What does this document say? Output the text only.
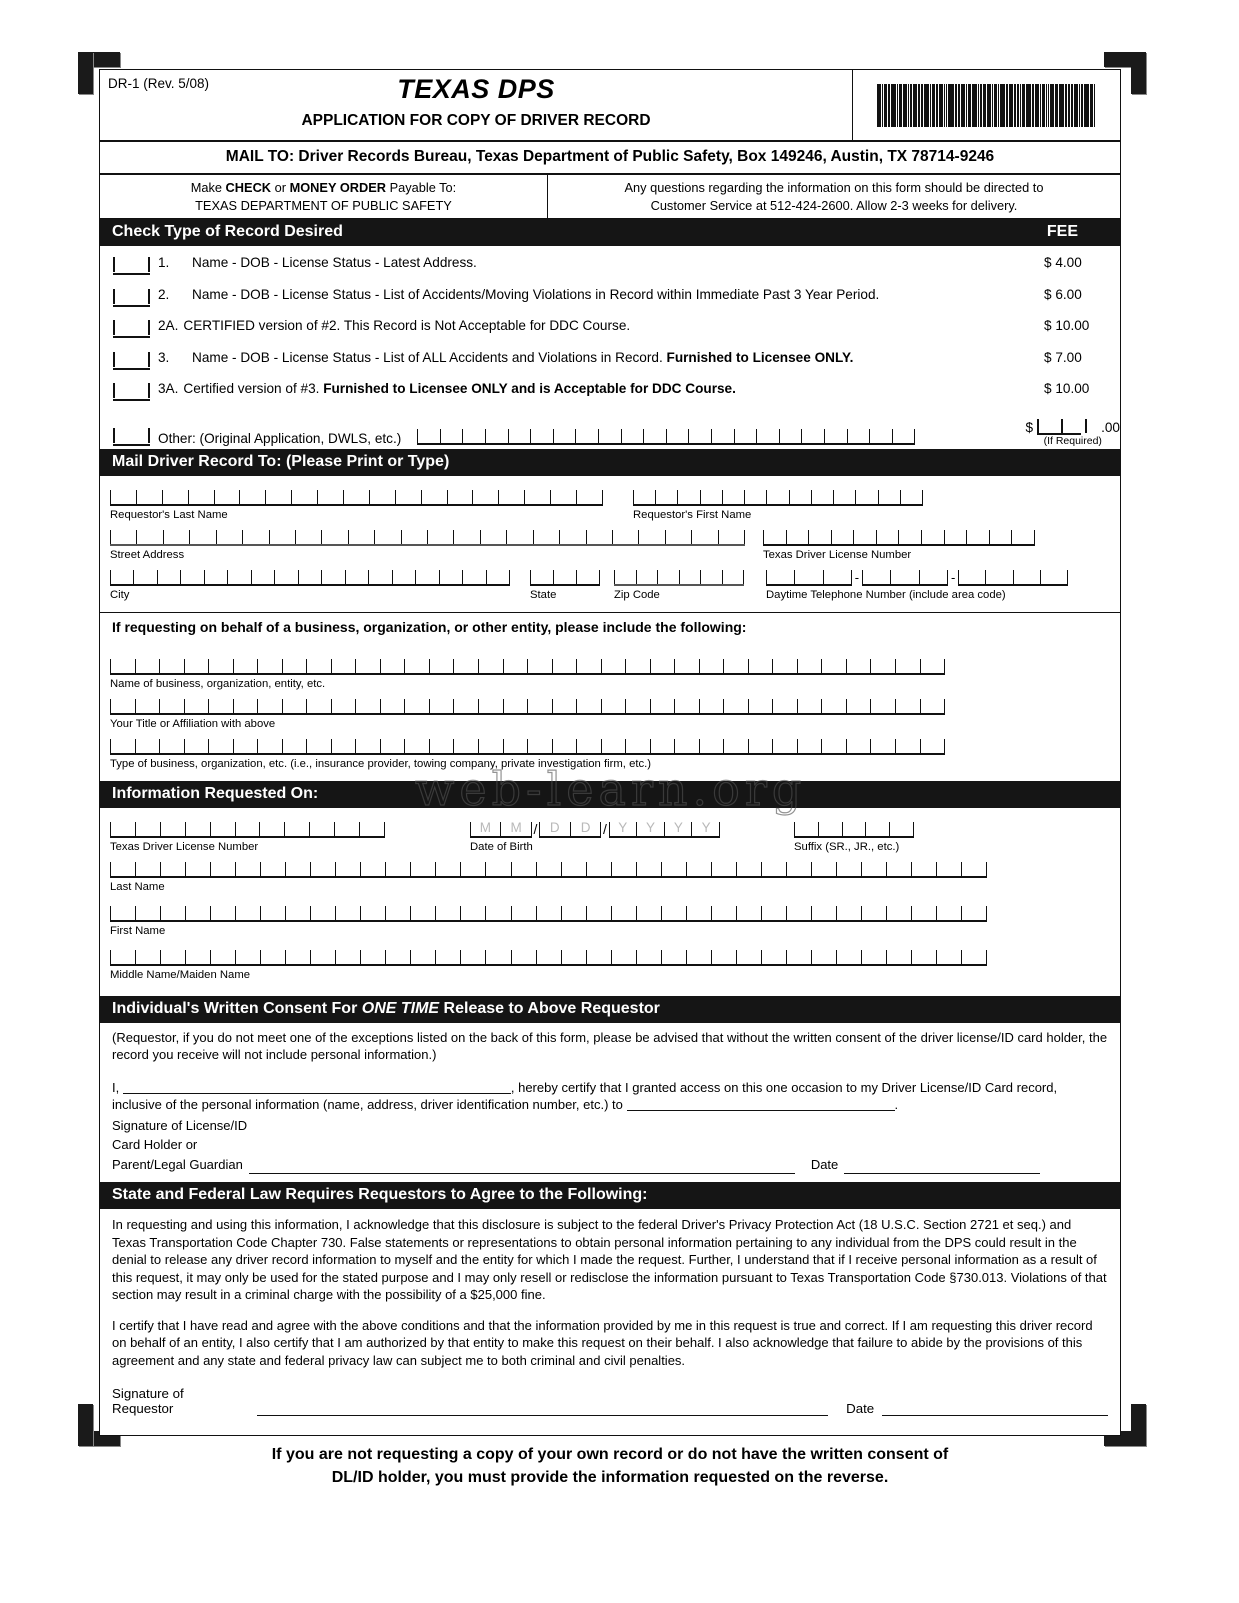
DR-1 (Rev. 5/08)	TEXAS DPS
APPLICATION FOR COPY OF DRIVER RECORD
MAIL TO: Driver Records Bureau, Texas Department of Public Safety, Box 149246, Austin, TX 78714-9246
Make CHECK or MONEY ORDER Payable To:
TEXAS DEPARTMENT OF PUBLIC SAFETY
Any questions regarding the information on this form should be directed to
Customer Service at 512-424-2600. Allow 2-3 weeks for delivery.
Check Type of Record Desired	FEE
1.	Name - DOB - License Status - Latest Address.	$ 4.00
2.	Name - DOB - License Status - List of Accidents/Moving Violations in Record within Immediate Past 3 Year Period.	$ 6.00
2A. CERTIFIED version of #2. This Record is Not Acceptable for DDC Course.	$ 10.00
3.	Name - DOB - License Status - List of ALL Accidents and Violations in Record. Furnished to Licensee ONLY.	$ 7.00
3A. Certified version of #3. Furnished to Licensee ONLY and is Acceptable for DDC Course.	$ 10.00
Other: (Original Application, DWLS, etc.)
$	.00
(If Required)
Mail Driver Record To: (Please Print or Type)
Requestor's Last Name	Requestor's First Name
Street Address	Texas Driver License Number
City	State	Zip Code
-	-
Daytime Telephone Number (include area code)
If requesting on behalf of a business, organization, or other entity, please include the following:
Name of business, organization, entity, etc.
Your Title or Affiliation with above
Type of business, organization, etc. (i.e., insurance provider, towing company, private investigation firm, etc.)
Information Requested On:
Texas Driver License Number
M	M / D	D / Y	Y	Y	Y
Date of Birth	Suffix (SR., JR., etc.)
Last Name
First Name
Middle Name/Maiden Name
Individual's Written Consent For ONE TIME Release to Above Requestor
(Requestor, if you do not meet one of the exceptions listed on the back of this form, please be advised that without the written consent of the driver license/ID card holder, the record you receive will not include personal information.)
I,	, hereby certify that I granted access on this one occasion to my Driver License/ID Card record, inclusive of the personal information (name, address, driver identification number, etc.) to	.
Signature of License/ID
Card Holder or
Parent/Legal Guardian	Date
State and Federal Law Requires Requestors to Agree to the Following:

In requesting and using this information, I acknowledge that this disclosure is subject to the federal Driver's Privacy Protection Act (18 U.S.C. Section 2721 et seq.) and Texas Transportation Code Chapter 730. False statements or representations to obtain personal information pertaining to any individual from the DPS could result in the denial to release any driver record information to myself and the entity for which I made the request. Further, I understand that if I receive personal information as a result of this request, it may only be used for the stated purpose and I may only resell or redisclose the information pursuant to Texas Transportation Code §730.013. Violations of that section may result in a criminal charge with the possibility of a $25,000 fine.

I certify that I have read and agree with the above conditions and that the information provided by me in this request is true and correct. If I am requesting this driver record on behalf of an entity, I also certify that I am authorized by that entity to make this request on their behalf. I also acknowledge that failure to abide by the provisions of this agreement and any state and federal privacy law can subject me to both criminal and civil penalties.

Signature of Requestor	Date
If you are not requesting a copy of your own record or do not have the written consent of
DL/ID holder, you must provide the information requested on the reverse.
